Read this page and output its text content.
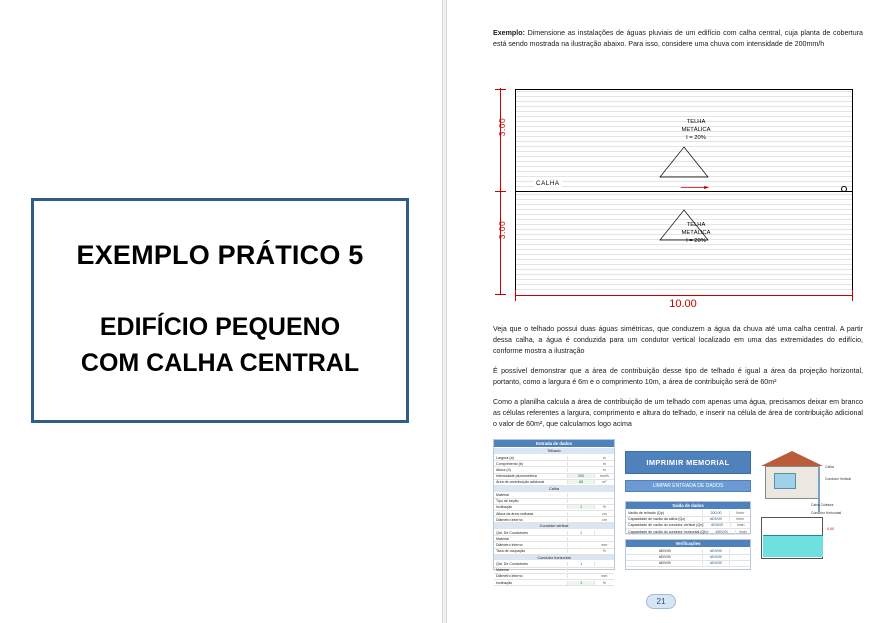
EXEMPLO PRÁTICO 5
EDIFÍCIO PEQUENO
COM CALHA CENTRAL

Exemplo: Dimensione as instalações de águas pluviais de um edifício com calha central, cuja planta de cobertura está sendo mostrada na ilustração abaixo. Para isso, considere uma chuva com intensidade de 200mm/h

3.00
3.00
CALHA
TELHA
METÁLICA
I = 20%
TELHA
METÁLICA
I = 20%
10.00

Veja que o telhado possui duas águas simétricas, que conduzem a água da chuva até uma calha central. A partir dessa calha, a água é conduzida para um condutor vertical localizado em uma das extremidades do edifício, conforme mostra a ilustração

É possível demonstrar que a área de contribuição desse tipo de telhado é igual a área da projeção horizontal, portanto, como a largura é 6m e o comprimento 10m, a área de contribuição será de 60m²

Como a planilha calcula a área de contribuição de um telhado com apenas uma água, precisamos deixar em branco as células referentes a largura, comprimento e altura do telhado, e inserir na célula de área de contribuição adicional o valor de 60m², que calculamos logo acima

Entrada de dados
Telhado
Largura (a)	m
Comprimento (b)	m
Altura (h)	m
Intensidade pluviométrica	200	mm/h
Área de contribuição adicional	60	m²
Calha
Material
Tipo de seção
Inclinação	1	%
Altura da área molhada	cm
Diâmetro interno	cm
Condutor vertical
Qtd. De Condutores	1
Material
Diâmetro interno	mm
Taxa de ocupação	%
Condutor horizontal
Qtd. De Condutores	1
Material
Diâmetro interno	mm
Inclinação	1	%
IMPRIMIR MEMORIAL
LIMPAR ENTRADA DE DADOS
Saída de dados
Vazão de telhado (Qp)	200,00	l/min
Capacidade de vazão da calha (Qc)	#DIV/0!	l/min
Capacidade de vazão do condutor vertical (Qv)	#DIV/0!	l/min
Capacidade de vazão do condutor horizontal (Qh)	#DIV/0!	l/min
Verificações
#DIV/0!	#DIV/0!
#DIV/0!	#DIV/0!
#DIV/0!	#DIV/0!
Calha
Condutor Vertical
Caixa Coletora
Condutor Horizontal
0,00
21
